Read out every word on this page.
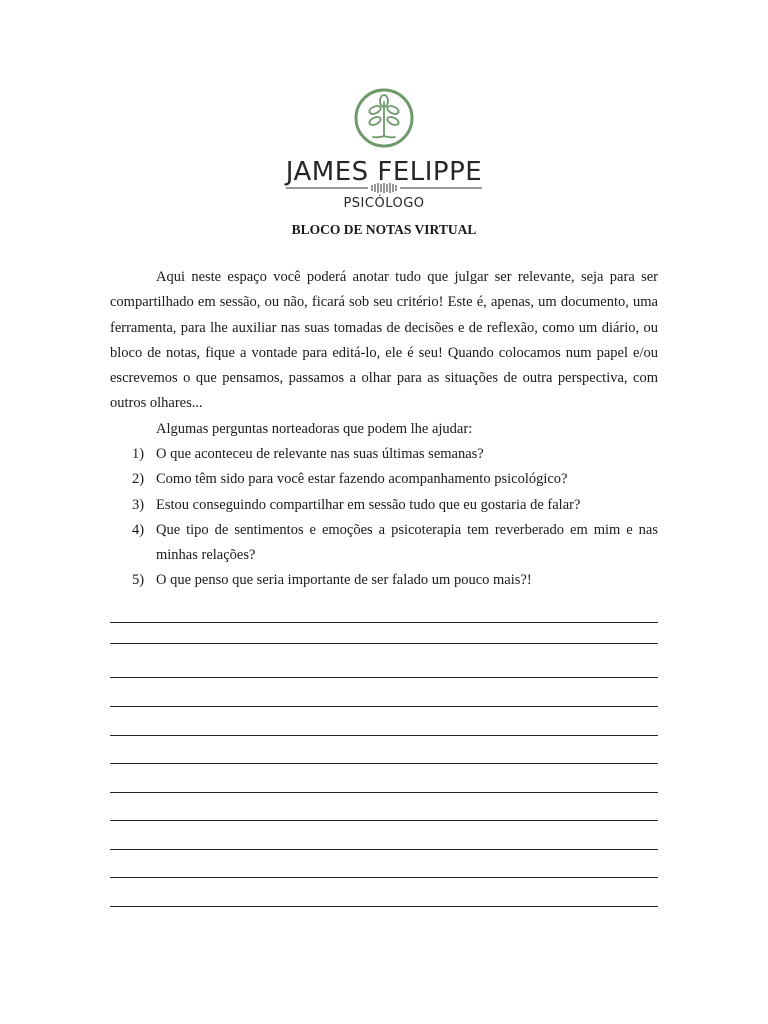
JAMES FELIPPE
PSICÓLOGO
BLOCO DE NOTAS VIRTUAL

Aqui neste espaço você poderá anotar tudo que julgar ser relevante, seja para ser compartilhado em sessão, ou não, ficará sob seu critério! Este é, apenas, um documento, uma ferramenta, para lhe auxiliar nas suas tomadas de decisões e de reflexão, como um diário, ou bloco de notas, fique a vontade para editá-lo, ele é seu! Quando colocamos num papel e/ou escrevemos o que pensamos, passamos a olhar para as situações de outra perspectiva, com outros olhares...

Algumas perguntas norteadoras que podem lhe ajudar:

1) O que aconteceu de relevante nas suas últimas semanas?
2) Como têm sido para você estar fazendo acompanhamento psicológico?
3) Estou conseguindo compartilhar em sessão tudo que eu gostaria de falar?
4) Que tipo de sentimentos e emoções a psicoterapia tem reverberado em mim e nas minhas relações?
5) O que penso que seria importante de ser falado um pouco mais?!
